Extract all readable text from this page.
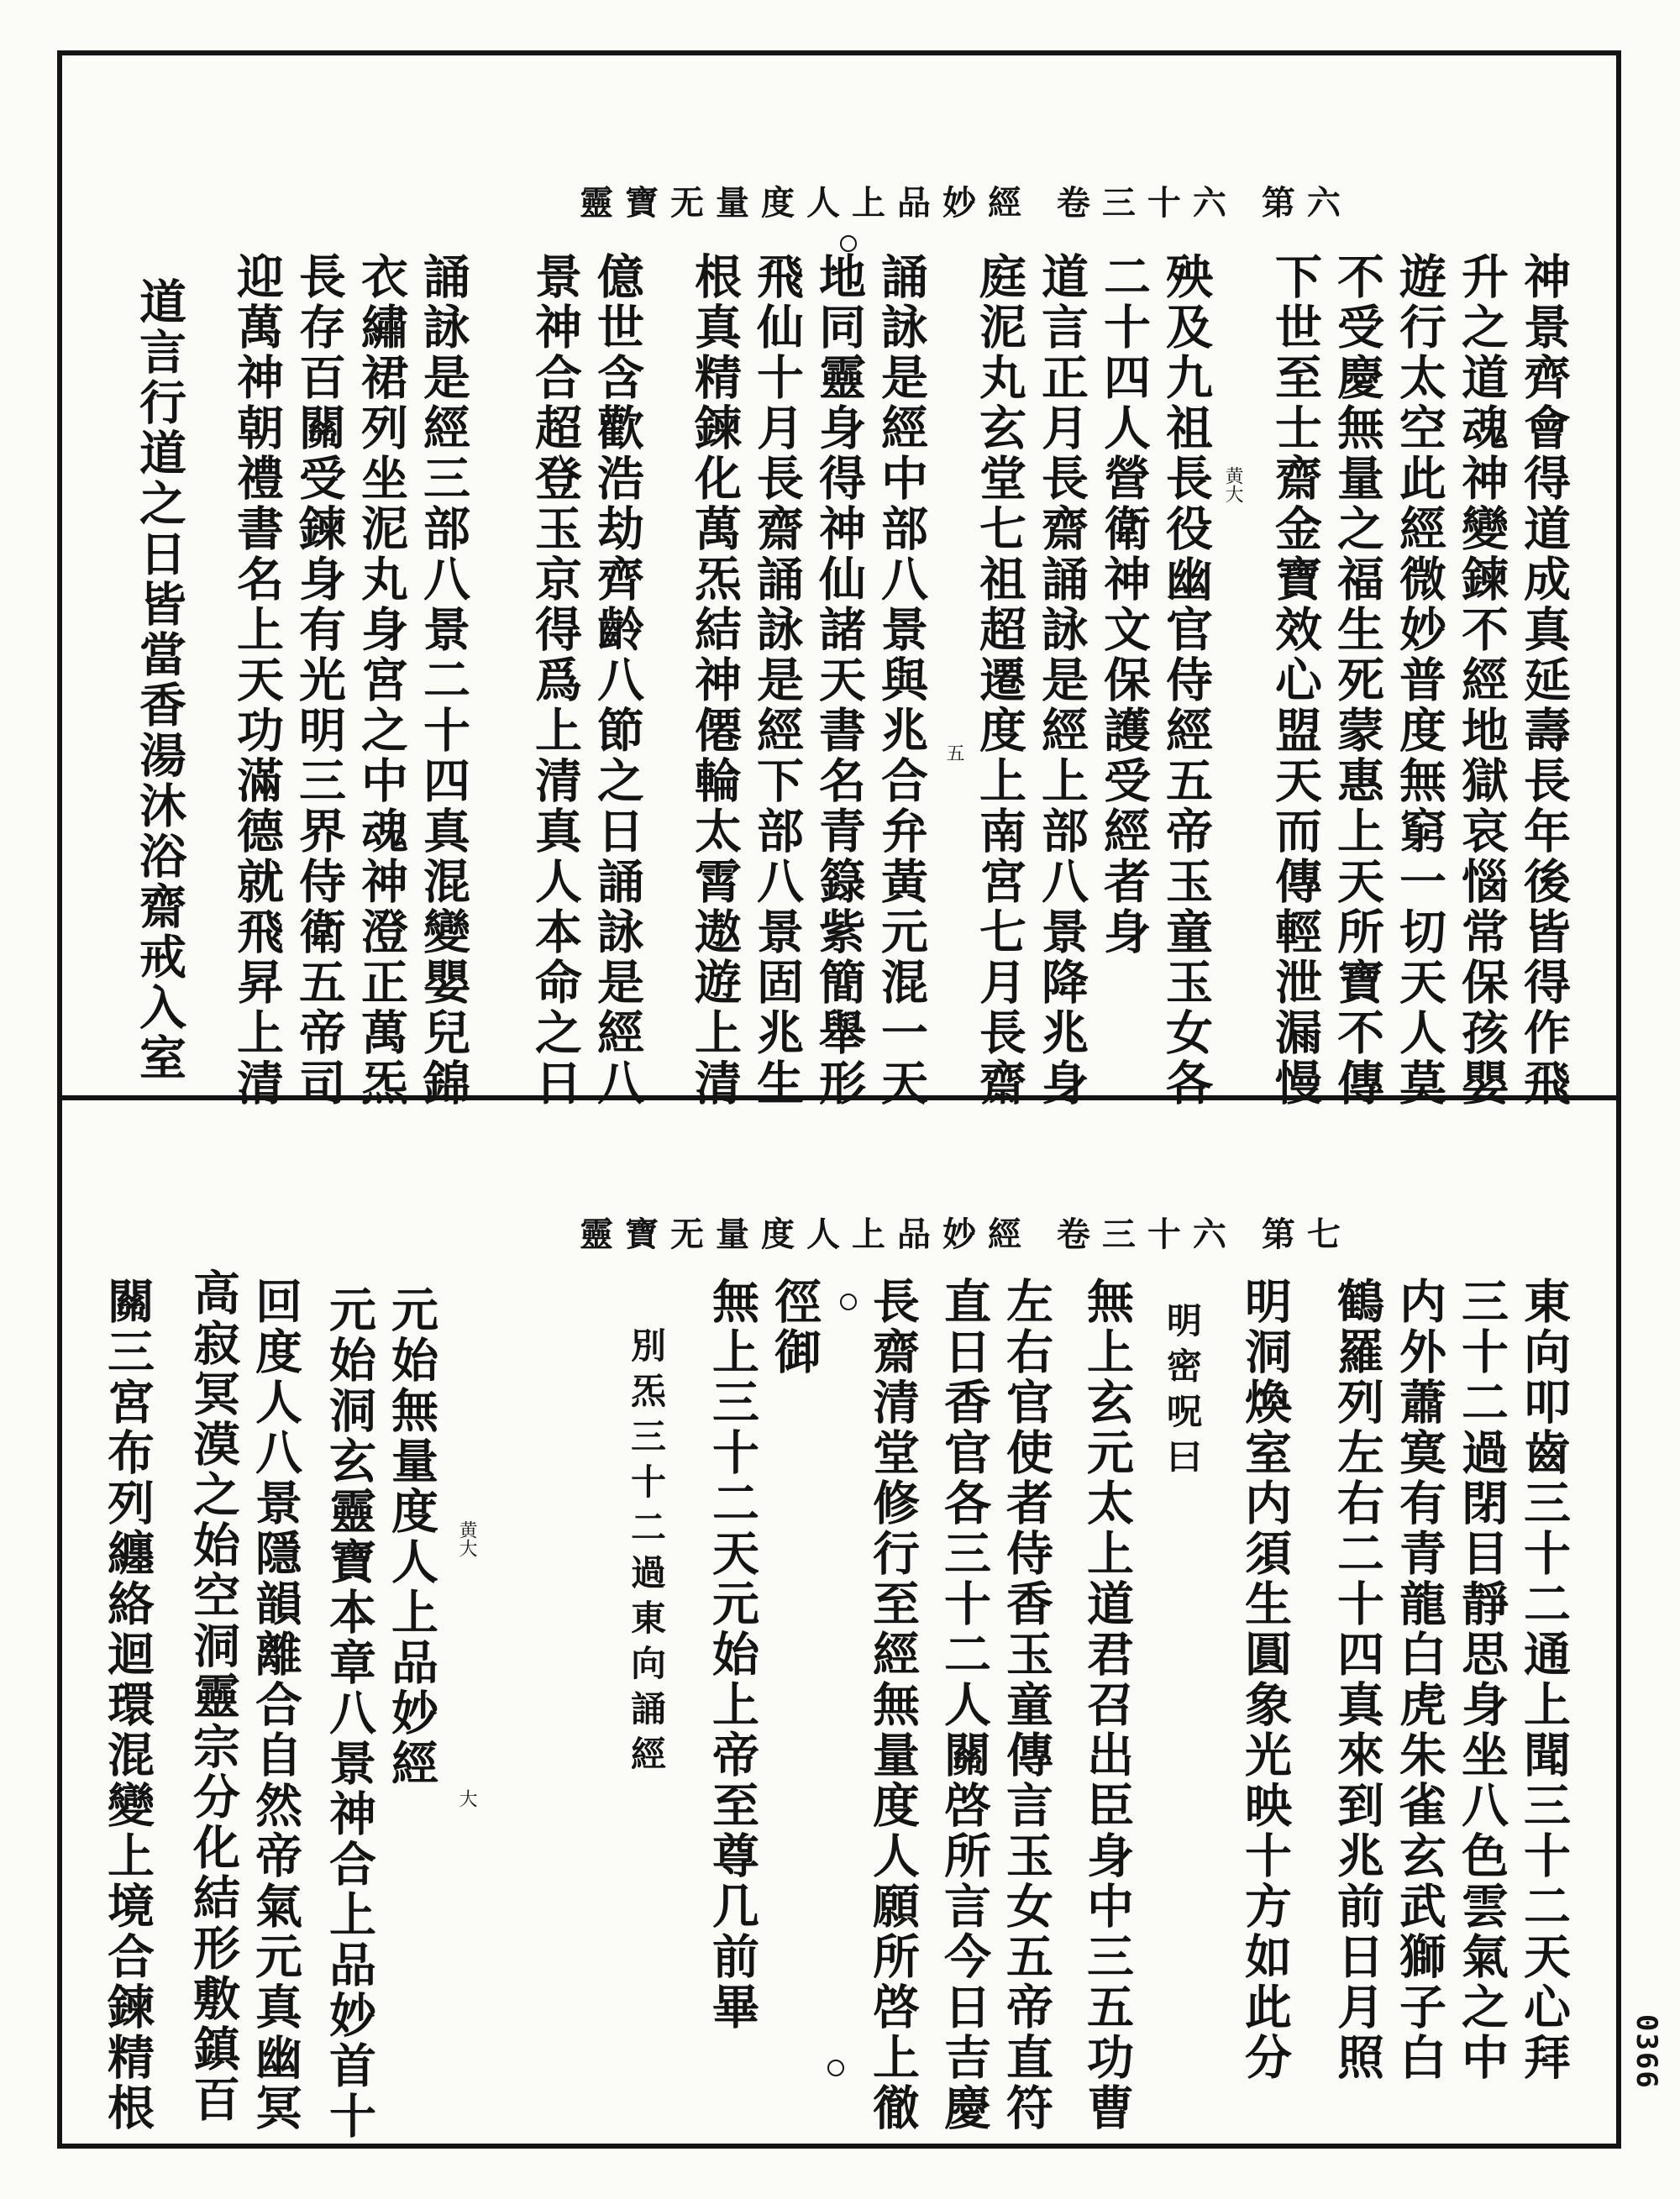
靈寶无量度人上品妙經 卷三十六 第六
神景齊會得道成真延壽長年後皆得作飛
升之道魂神變鍊不經地獄哀惱常保孩嬰
遊行太空此經微妙普度無窮一切天人莫
不受慶無量之福生死蒙惠上天所寶不傳
下世至士齋金寶效心盟天而傳輕泄漏慢
殃及九祖長役幽官侍經五帝玉童玉女各
二十四人營衛神文保護受經者身
道言正月長齋誦詠是經上部八景降兆身
庭泥丸玄堂七祖超遷度上南宮七月長齋
誦詠是經中部八景與兆合弁黃元混一天
地同靈身得神仙諸天書名青籙紫簡舉形
飛仙十月長齋誦詠是經下部八景固兆生
根真精鍊化萬炁結神僊輪太霄遨遊上清
億世含歡浩劫齊齡八節之日誦詠是經八
景神合超登玉京得爲上清真人本命之日
誦詠是經三部八景二十四真混變嬰兒錦
衣繡裙列坐泥丸身宮之中魂神澄正萬炁
長存百關受鍊身有光明三界侍衛五帝司
迎萬神朝禮書名上天功滿德就飛昇上清
道言行道之日皆當香湯沐浴齋戒入室	黄大
五
靈寶无量度人上品妙經 卷三十六 第七
東向叩齒三十二通上聞三十二天心拜
三十二過閉目靜思身坐八色雲氣之中
内外蕭寞有青龍白虎朱雀玄武獅子白
鶴羅列左右二十四真來到兆前日月照
明洞煥室内須生圓象光映十方如此分
明密呪曰
無上玄元太上道君召出臣身中三五功曹
左右官使者侍香玉童傳言玉女五帝直符
直日香官各三十二人關啓所言今日吉慶
長齋清堂修行至經無量度人願所啓上徹
徑御
無上三十二天元始上帝至尊几前畢
別炁三十二過東向誦經
元始無量度人上品妙經
元始洞玄靈寶本章八景神合上品妙首十
回度人八景隱韻離合自然帝氣元真幽冥
高寂冥漠之始空洞靈宗分化結形敷鎮百
關三宮布列纏絡迴環混變上境合鍊精根	黄大
大
0366
